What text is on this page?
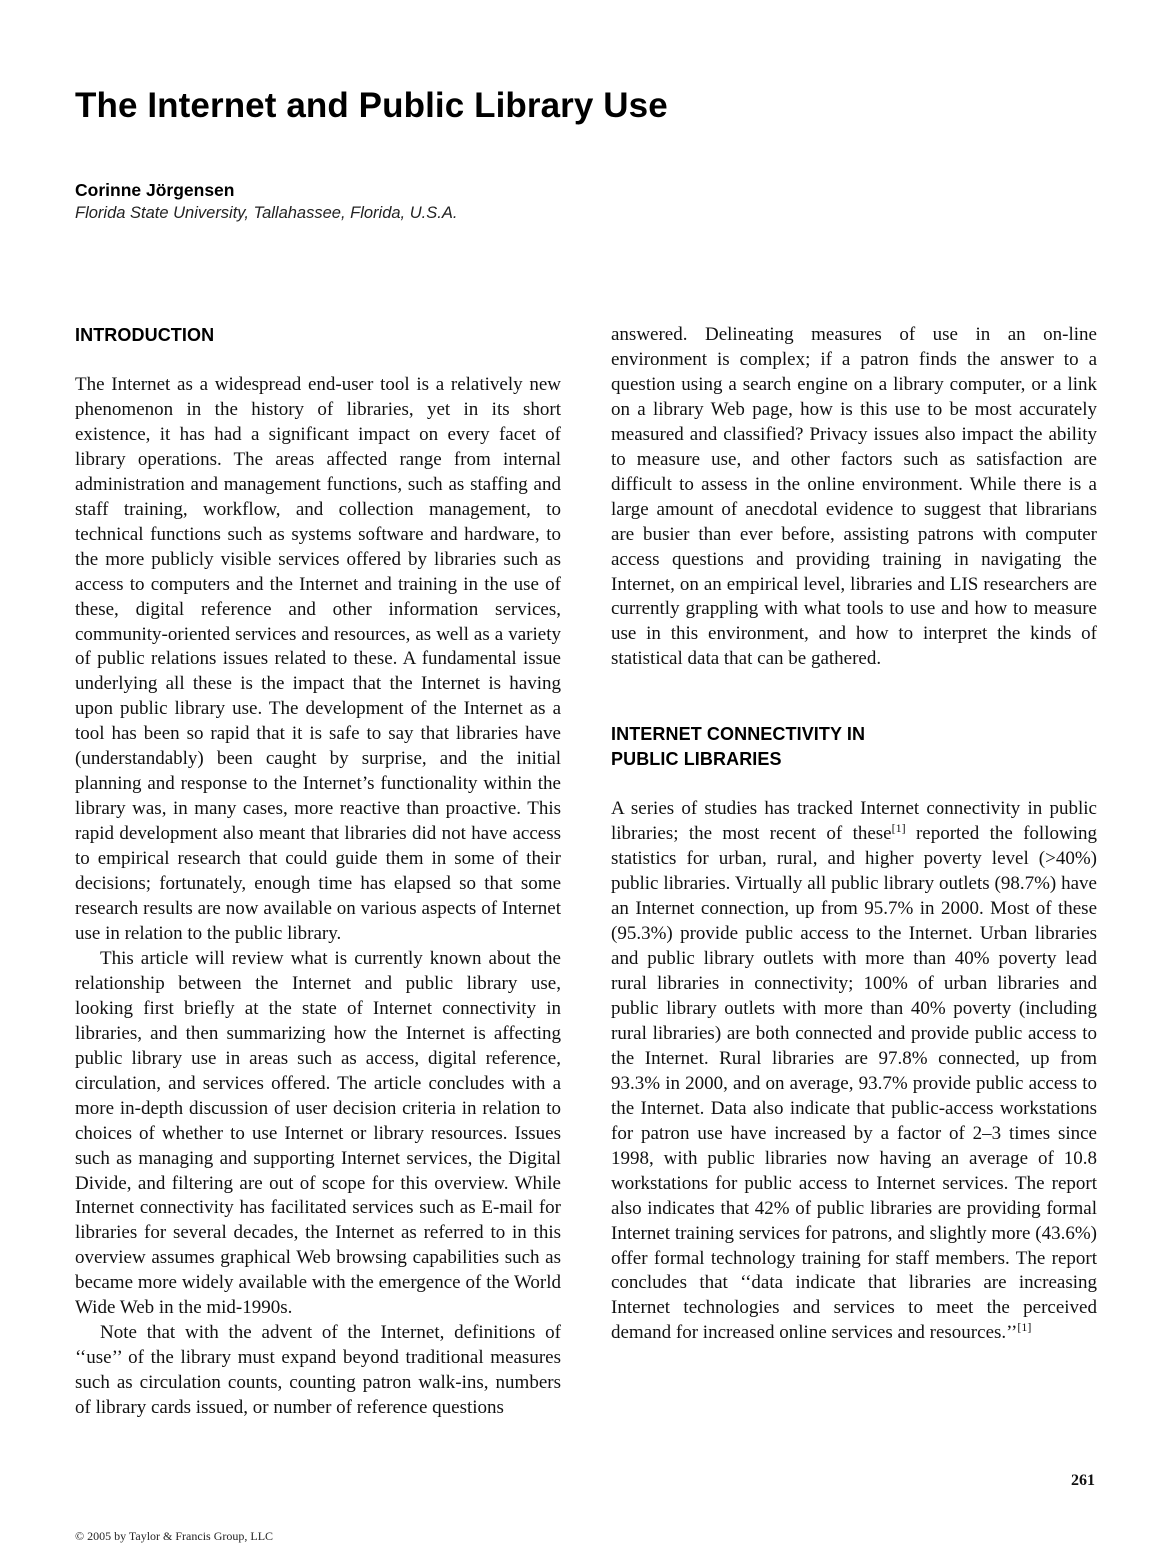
The Internet and Public Library Use
Corinne Jörgensen
Florida State University, Tallahassee, Florida, U.S.A.
INTRODUCTION

The Internet as a widespread end-user tool is a relatively new phenomenon in the history of libraries, yet in its short existence, it has had a significant impact on every facet of library operations. The areas affected range from internal administration and management functions, such as staffing and staff training, workflow, and collection management, to technical functions such as systems software and hardware, to the more publicly visible services offered by libraries such as access to computers and the Internet and training in the use of these, digital reference and other information services, community-oriented services and resources, as well as a variety of public relations issues related to these. A fundamental issue underlying all these is the impact that the Internet is having upon public library use. The development of the Internet as a tool has been so rapid that it is safe to say that libraries have (understandably) been caught by surprise, and the initial planning and response to the Internet’s functionality within the library was, in many cases, more reactive than proactive. This rapid development also meant that libraries did not have access to empirical research that could guide them in some of their decisions; fortunately, enough time has elapsed so that some research results are now available on various aspects of Internet use in relation to the public library.

This article will review what is currently known about the relationship between the Internet and public library use, looking first briefly at the state of Internet connectivity in libraries, and then summarizing how the Internet is affecting public library use in areas such as access, digital reference, circulation, and services offered. The article concludes with a more in-depth discussion of user decision criteria in relation to choices of whether to use Internet or library resources. Issues such as managing and supporting Internet services, the Digital Divide, and filtering are out of scope for this overview. While Internet connectivity has facilitated services such as E-mail for libraries for several decades, the Internet as referred to in this overview assumes graphical Web browsing capabilities such as became more widely available with the emergence of the World Wide Web in the mid-1990s.

Note that with the advent of the Internet, definitions of ‘‘use’’ of the library must expand beyond traditional measures such as circulation counts, counting patron walk-ins, numbers of library cards issued, or number of reference questions

answered. Delineating measures of use in an on-line environment is complex; if a patron finds the answer to a question using a search engine on a library computer, or a link on a library Web page, how is this use to be most accurately measured and classified? Privacy issues also impact the ability to measure use, and other factors such as satisfaction are difficult to assess in the online environment. While there is a large amount of anecdotal evidence to suggest that librarians are busier than ever before, assisting patrons with computer access questions and providing training in navigating the Internet, on an empirical level, libraries and LIS researchers are currently grappling with what tools to use and how to measure use in this environment, and how to interpret the kinds of statistical data that can be gathered.
INTERNET CONNECTIVITY IN
PUBLIC LIBRARIES

A series of studies has tracked Internet connectivity in public libraries; the most recent of these[1] reported the following statistics for urban, rural, and higher poverty level (>40%) public libraries. Virtually all public library outlets (98.7%) have an Internet connection, up from 95.7% in 2000. Most of these (95.3%) provide public access to the Internet. Urban libraries and public library outlets with more than 40% poverty lead rural libraries in connectivity; 100% of urban libraries and public library outlets with more than 40% poverty (including rural libraries) are both connected and provide public access to the Internet. Rural libraries are 97.8% connected, up from 93.3% in 2000, and on average, 93.7% provide public access to the Internet. Data also indicate that public-access workstations for patron use have increased by a factor of 2–3 times since 1998, with public libraries now having an average of 10.8 workstations for public access to Internet services. The report also indicates that 42% of public libraries are providing formal Internet training services for patrons, and slightly more (43.6%) offer formal technology training for staff members. The report concludes that ‘‘data indicate that libraries are increasing Internet technologies and services to meet the perceived demand for increased online services and resources.’’[1]

261
© 2005 by Taylor & Francis Group, LLC
